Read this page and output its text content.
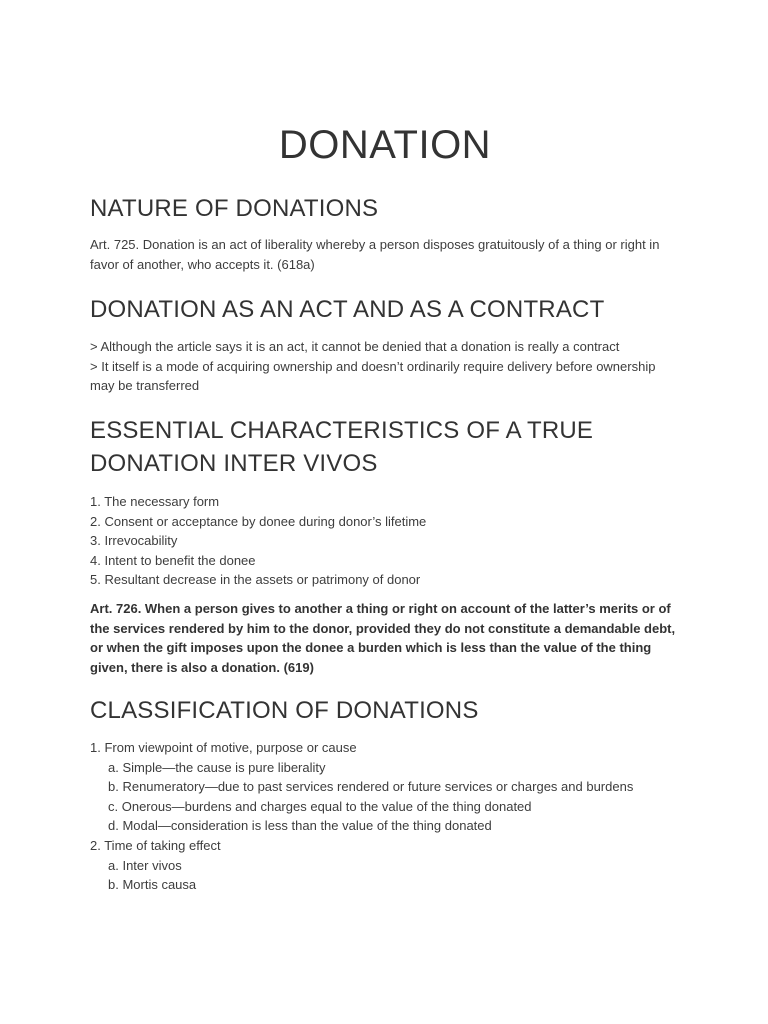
DONATION
NATURE OF DONATIONS

Art. 725. Donation is an act of liberality whereby a person disposes gratuitously of a thing or right in favor of another, who accepts it. (618a)

DONATION AS AN ACT AND AS A CONTRACT

> Although the article says it is an act, it cannot be denied that a donation is really a contract

> It itself is a mode of acquiring ownership and doesn’t ordinarily require delivery before ownership may be transferred

ESSENTIAL CHARACTERISTICS OF A TRUE DONATION INTER VIVOS

1. The necessary form

2. Consent or acceptance by donee during donor’s lifetime

3. Irrevocability

4. Intent to benefit the donee

5. Resultant decrease in the assets or patrimony of donor

Art. 726. When a person gives to another a thing or right on account of the latter’s merits or of the services rendered by him to the donor, provided they do not constitute a demandable debt, or when the gift imposes upon the donee a burden which is less than the value of the thing given, there is also a donation. (619)

CLASSIFICATION OF DONATIONS

1. From viewpoint of motive, purpose or cause

a. Simple—the cause is pure liberality

b. Renumeratory—due to past services rendered or future services or charges and burdens

c. Onerous—burdens and charges equal to the value of the thing donated

d. Modal—consideration is less than the value of the thing donated

2. Time of taking effect

a. Inter vivos

b. Mortis causa
